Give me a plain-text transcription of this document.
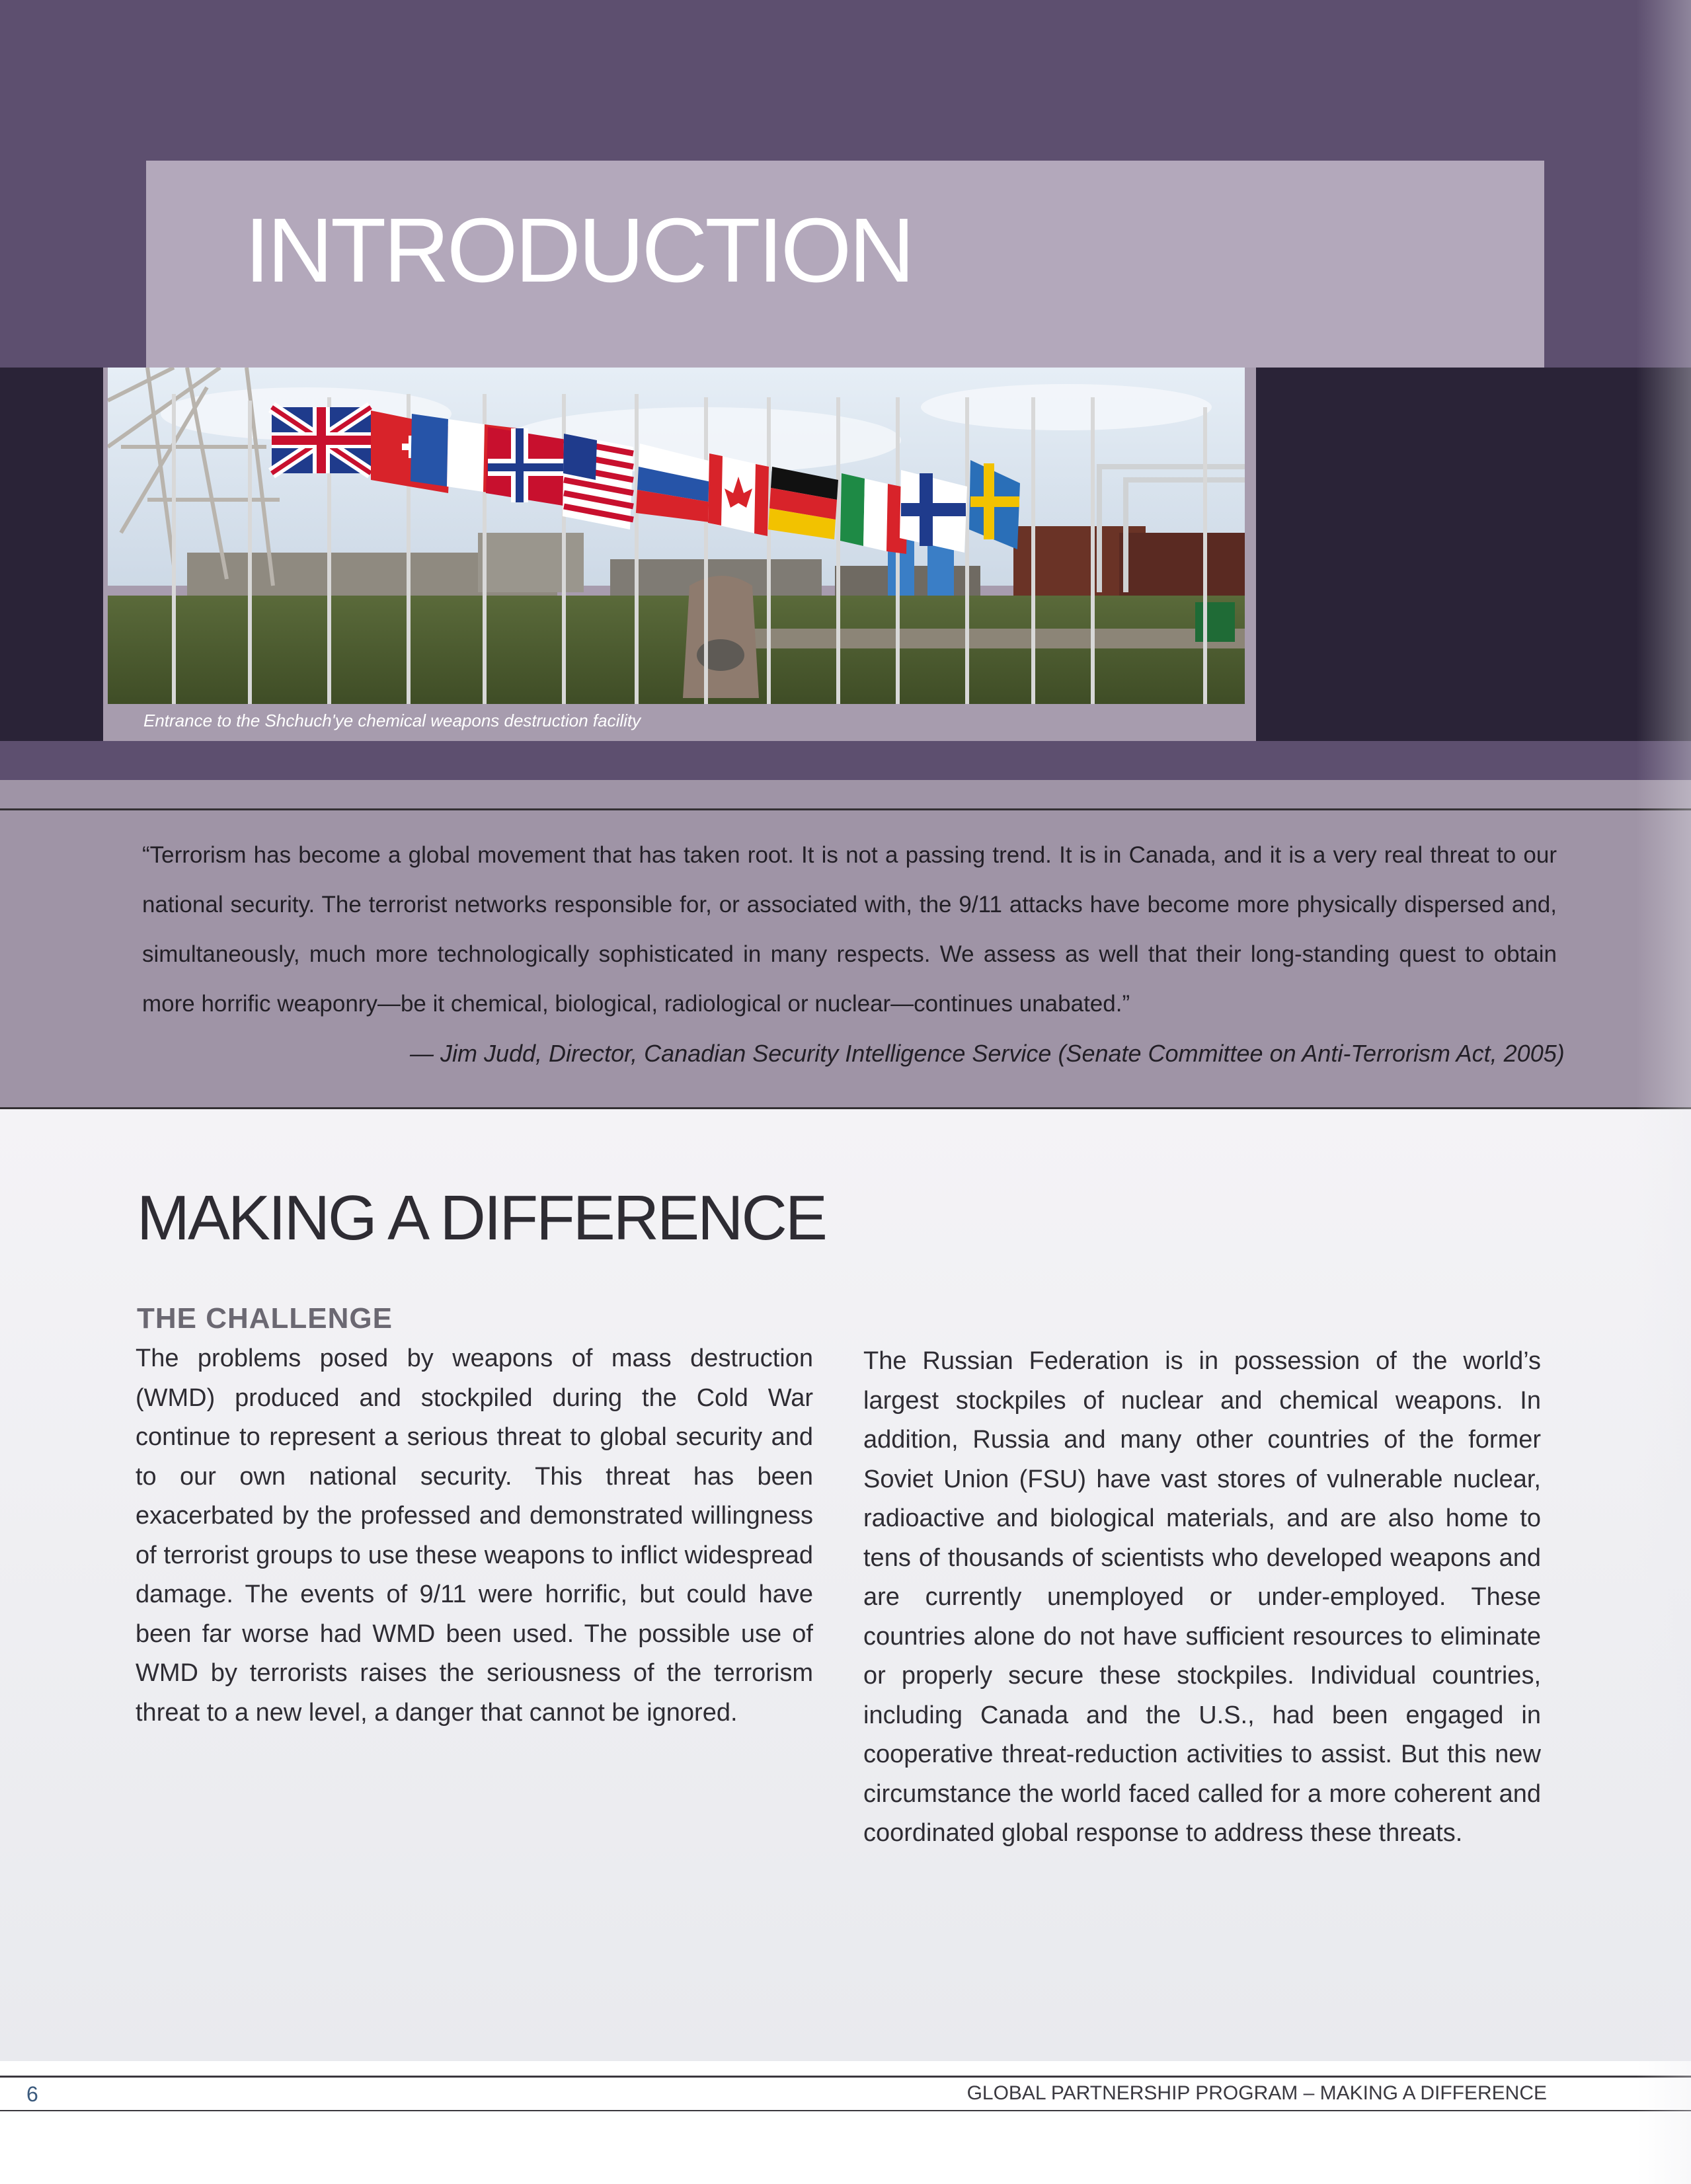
INTRODUCTION
Entrance to the Shchuch'ye chemical weapons destruction facility
“Terrorism has become a global movement that has taken root. It is not a passing trend. It is in Canada, and it is a very real threat to our national security. The terrorist networks responsible for, or associated with, the 9/11 attacks have become more physically dispersed and, simultaneously, much more technologically sophisticated in many respects. We assess as well that their long-standing quest to obtain more horrific weaponry—be it chemical, biological, radiological or nuclear—continues unabated.”
— Jim Judd, Director, Canadian Security Intelligence Service (Senate Committee on Anti-Terrorism Act, 2005)
MAKING A DIFFERENCE
THE CHALLENGE
The problems posed by weapons of mass destruction (WMD) produced and stockpiled during the Cold War continue to represent a serious threat to global security and to our own national security. This threat has been exacerbated by the professed and demonstrated willingness of terrorist groups to use these weapons to inflict widespread damage. The events of 9/11 were horrific, but could have been far worse had WMD been used. The possible use of WMD by terrorists raises the seriousness of the terrorism threat to a new level, a danger that cannot be ignored.
The Russian Federation is in possession of the world’s largest stockpiles of nuclear and chemical weapons. In addition, Russia and many other countries of the former Soviet Union (FSU) have vast stores of vulnerable nuclear, radioactive and biological materials, and are also home to tens of thousands of scientists who developed weapons and are currently unemployed or under-employed. These countries alone do not have sufficient resources to eliminate or properly secure these stockpiles. Individual countries, including Canada and the U.S., had been engaged in cooperative threat-reduction activities to assist. But this new circumstance the world faced called for a more coherent and coordinated global response to address these threats.
6	GLOBAL PARTNERSHIP PROGRAM – MAKING A DIFFERENCE
